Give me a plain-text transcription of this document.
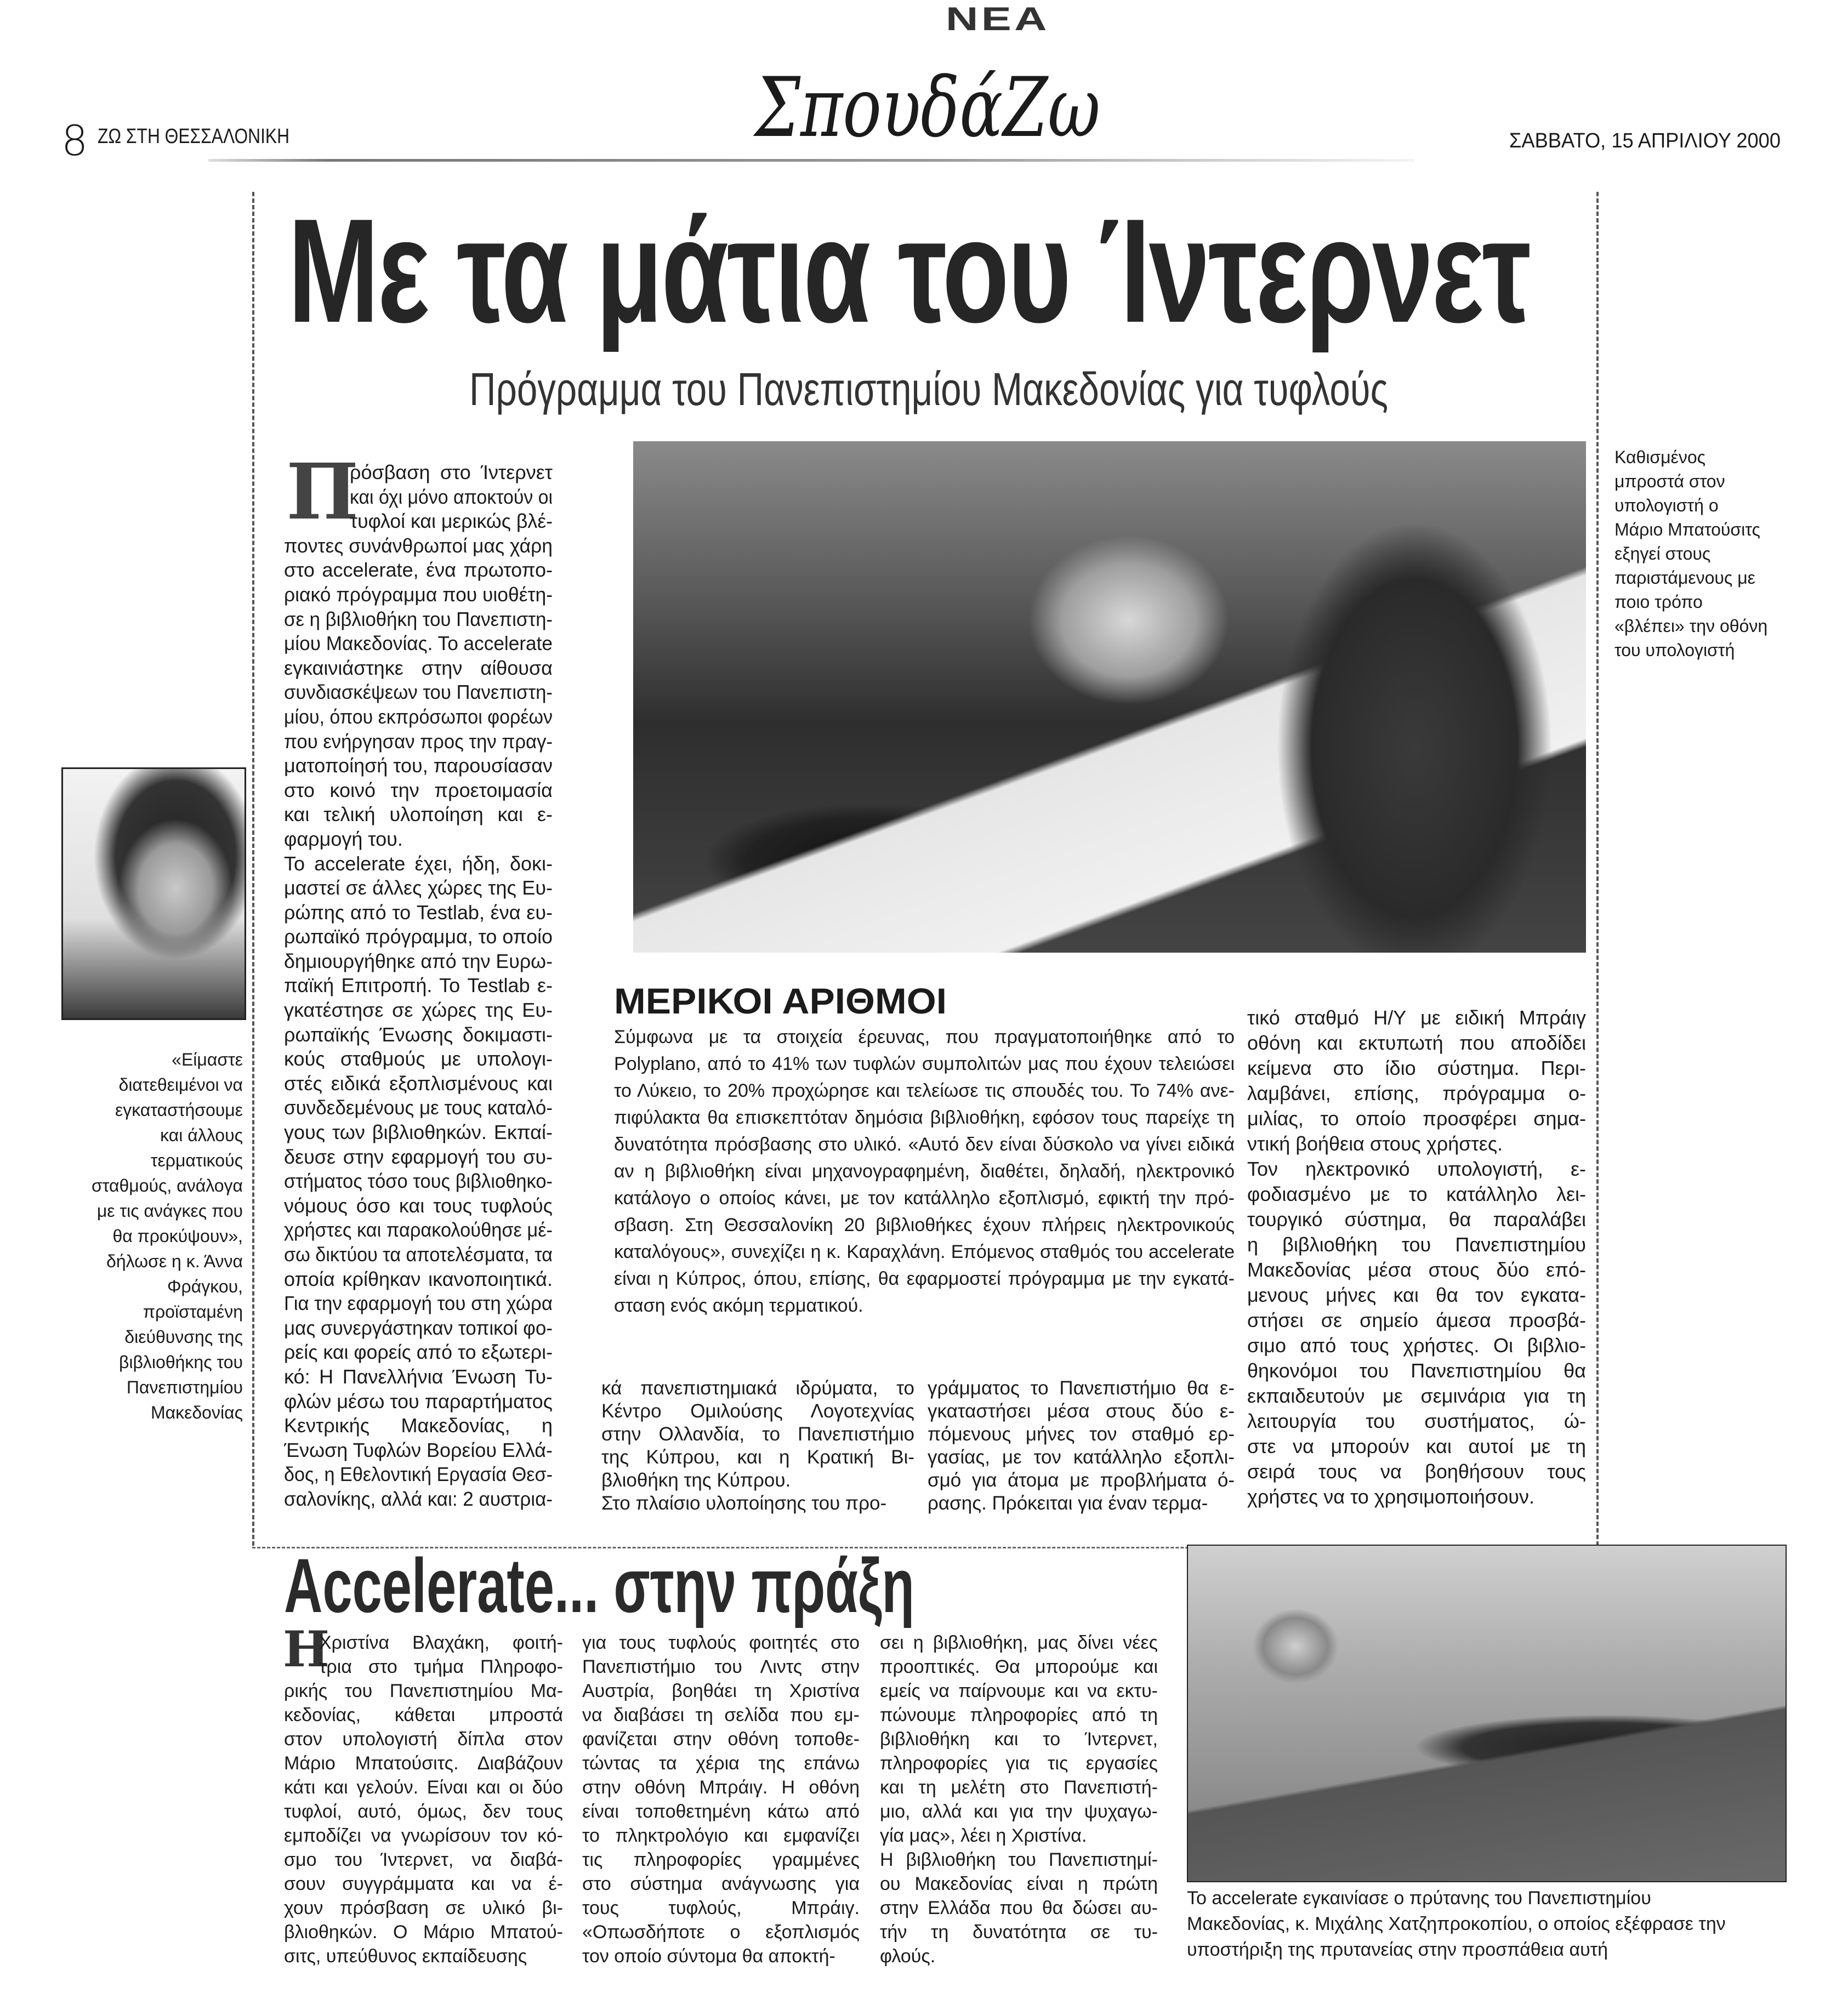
8 ΖΩ ΣΤΗ ΘΕΣΣΑΛΟΝΙΚΗ
ΝΕΑ
ΣπουδάΖω	ΣΑΒΒΑΤΟ, 15 ΑΠΡΙΛΙΟΥ 2000
Με τα μάτια του Ίντερνετ
Πρόγραμμα του Πανεπιστημίου Μακεδονίας για τυφλούς
Π
ρόσβαση στο Ίντερνετ
και όχι μόνο αποκτούν οι
τυφλοί και μερικώς βλέ-
ποντες συνάνθρωποί μας χάρη
στο accelerate, ένα πρωτοπο-
ριακό πρόγραμμα που υιοθέτη-
σε η βιβλιοθήκη του Πανεπιστη-
μίου Μακεδονίας. Το accelerate
εγκαινιάστηκε στην αίθουσα
συνδιασκέψεων του Πανεπιστη-
μίου, όπου εκπρόσωποι φορέων
που ενήργησαν προς την πραγ-
ματοποίησή του, παρουσίασαν
στο κοινό την προετοιμασία
και τελική υλοποίηση και ε-
φαρμογή του.
Το accelerate έχει, ήδη, δοκι-
μαστεί σε άλλες χώρες της Ευ-
ρώπης από το Testlab, ένα ευ-
ρωπαϊκό πρόγραμμα, το οποίο
δημιουργήθηκε από την Ευρω-
παϊκή Επιτροπή. Το Testlab ε-
γκατέστησε σε χώρες της Ευ-
ρωπαϊκής Ένωσης δοκιμαστι-
κούς σταθμούς με υπολογι-
στές ειδικά εξοπλισμένους και
συνδεδεμένους με τους καταλό-
γους των βιβλιοθηκών. Εκπαί-
δευσε στην εφαρμογή του συ-
στήματος τόσο τους βιβλιοθηκο-
νόμους όσο και τους τυφλούς
χρήστες και παρακολούθησε μέ-
σω δικτύου τα αποτελέσματα, τα
οποία κρίθηκαν ικανοποιητικά.
Για την εφαρμογή του στη χώρα
μας συνεργάστηκαν τοπικοί φο-
ρείς και φορείς από το εξωτερι-
κό: Η Πανελλήνια Ένωση Τυ-
φλών μέσω του παραρτήματος
Κεντρικής Μακεδονίας, η
Ένωση Τυφλών Βορείου Ελλά-
δος, η Εθελοντική Εργασία Θεσ-
σαλονίκης, αλλά και: 2 αυστρια-
«Είμαστε
διατεθειμένοι να
εγκαταστήσουμε
και άλλους
τερματικούς
σταθμούς, ανάλογα
με τις ανάγκες που
θα προκύψουν»,
δήλωσε η κ. Άννα
Φράγκου,
προϊσταμένη
διεύθυνσης της
βιβλιοθήκης του
Πανεπιστημίου
Μακεδονίας
Καθισμένος
μπροστά στον
υπολογιστή ο
Μάριο Μπατούσιτς
εξηγεί στους
παριστάμενους με
ποιο τρόπο
«βλέπει» την οθόνη
του υπολογιστή
ΜΕΡΙΚΟΙ ΑΡΙΘΜΟΙ
Σύμφωνα με τα στοιχεία έρευνας, που πραγματοποιήθηκε από το
Polyplano, από το 41% των τυφλών συμπολιτών μας που έχουν τελειώσει
το Λύκειο, το 20% προχώρησε και τελείωσε τις σπουδές του. Το 74% ανε-
πιφύλακτα θα επισκεπτόταν δημόσια βιβλιοθήκη, εφόσον τους παρείχε τη
δυνατότητα πρόσβασης στο υλικό. «Αυτό δεν είναι δύσκολο να γίνει ειδικά
αν η βιβλιοθήκη είναι μηχανογραφημένη, διαθέτει, δηλαδή, ηλεκτρονικό
κατάλογο ο οποίος κάνει, με τον κατάλληλο εξοπλισμό, εφικτή την πρό-
σβαση. Στη Θεσσαλονίκη 20 βιβλιοθήκες έχουν πλήρεις ηλεκτρονικούς
καταλόγους», συνεχίζει η κ. Καραχλάνη. Επόμενος σταθμός του accelerate
είναι η Κύπρος, όπου, επίσης, θα εφαρμοστεί πρόγραμμα με την εγκατά-
σταση ενός ακόμη τερματικού.
τικό σταθμό Η/Υ με ειδική Μπράιγ
οθόνη και εκτυπωτή που αποδίδει
κείμενα στο ίδιο σύστημα. Περι-
λαμβάνει, επίσης, πρόγραμμα ο-
μιλίας, το οποίο προσφέρει σημα-
ντική βοήθεια στους χρήστες.
Τον ηλεκτρονικό υπολογιστή, ε-
φοδιασμένο με το κατάλληλο λει-
τουργικό σύστημα, θα παραλάβει
η βιβλιοθήκη του Πανεπιστημίου
Μακεδονίας μέσα στους δύο επό-
μενους μήνες και θα τον εγκατα-
στήσει σε σημείο άμεσα προσβά-
σιμο από τους χρήστες. Οι βιβλιο-
θηκονόμοι του Πανεπιστημίου θα
εκπαιδευτούν με σεμινάρια για τη
λειτουργία του συστήματος, ώ-
στε να μπορούν και αυτοί με τη
σειρά τους να βοηθήσουν τους
χρήστες να το χρησιμοποιήσουν.
κά πανεπιστημιακά ιδρύματα, το
Κέντρο Ομιλούσης Λογοτεχνίας
στην Ολλανδία, το Πανεπιστήμιο
της Κύπρου, και η Κρατική Βι-
βλιοθήκη της Κύπρου.
Στο πλαίσιο υλοποίησης του προ-
γράμματος το Πανεπιστήμιο θα ε-
γκαταστήσει μέσα στους δύο ε-
πόμενους μήνες τον σταθμό ερ-
γασίας, με τον κατάλληλο εξοπλι-
σμό για άτομα με προβλήματα ό-
ρασης. Πρόκειται για έναν τερμα-
Accelerate... στην πράξη
Η
Χριστίνα Βλαχάκη, φοιτή-
τρια στο τμήμα Πληροφο-
ρικής του Πανεπιστημίου Μα-
κεδονίας, κάθεται μπροστά
στον υπολογιστή δίπλα στον
Μάριο Μπατούσιτς. Διαβάζουν
κάτι και γελούν. Είναι και οι δύο
τυφλοί, αυτό, όμως, δεν τους
εμποδίζει να γνωρίσουν τον κό-
σμο του Ίντερνετ, να διαβά-
σουν συγγράμματα και να έ-
χουν πρόσβαση σε υλικό βι-
βλιοθηκών. Ο Μάριο Μπατού-
σιτς, υπεύθυνος εκπαίδευσης
για τους τυφλούς φοιτητές στο
Πανεπιστήμιο του Λιντς στην
Αυστρία, βοηθάει τη Χριστίνα
να διαβάσει τη σελίδα που εμ-
φανίζεται στην οθόνη τοποθε-
τώντας τα χέρια της επάνω
στην οθόνη Μπράιγ. Η οθόνη
είναι τοποθετημένη κάτω από
το πληκτρολόγιο και εμφανίζει
τις πληροφορίες γραμμένες
στο σύστημα ανάγνωσης για
τους τυφλούς, Μπράιγ.
«Οπωσδήποτε ο εξοπλισμός
τον οποίο σύντομα θα αποκτή-
σει η βιβλιοθήκη, μας δίνει νέες
προοπτικές. Θα μπορούμε και
εμείς να παίρνουμε και να εκτυ-
πώνουμε πληροφορίες από τη
βιβλιοθήκη και το Ίντερνετ,
πληροφορίες για τις εργασίες
και τη μελέτη στο Πανεπιστή-
μιο, αλλά και για την ψυχαγω-
γία μας», λέει η Χριστίνα.
Η βιβλιοθήκη του Πανεπιστημί-
ου Μακεδονίας είναι η πρώτη
στην Ελλάδα που θα δώσει αυ-
τήν τη δυνατότητα σε τυ-
φλούς.
Το accelerate εγκαινίασε ο πρύτανης του Πανεπιστημίου
Μακεδονίας, κ. Μιχάλης Χατζηπροκοπίου, ο οποίος εξέφρασε την
υποστήριξη της πρυτανείας στην προσπάθεια αυτή
